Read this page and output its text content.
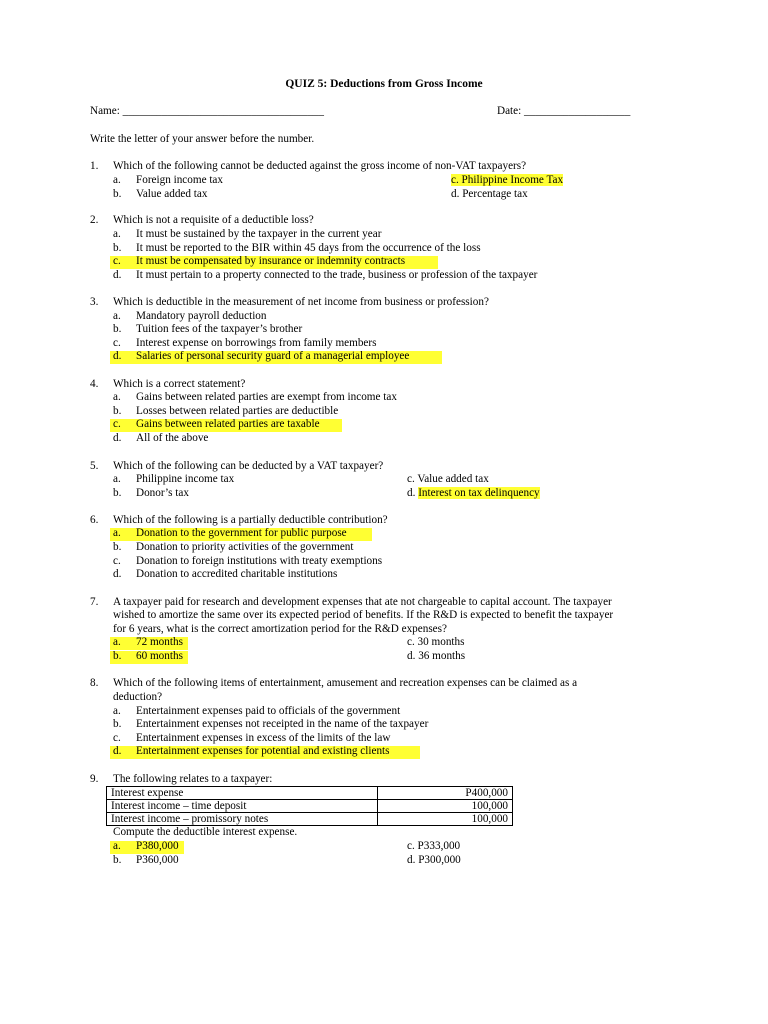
QUIZ 5: Deductions from Gross Income
Name: ____________________________________	Date: ___________________
Write the letter of your answer before the number.
1. Which of the following cannot be deducted against the gross income of non-VAT taxpayers?
a. Foreign income tax	c. Philippine Income Tax
b. Value added tax	d. Percentage tax
2. Which is not a requisite of a deductible loss?
a. It must be sustained by the taxpayer in the current year
b. It must be reported to the BIR within 45 days from the occurrence of the loss
c. It must be compensated by insurance or indemnity contracts
d. It must pertain to a property connected to the trade, business or profession of the taxpayer
3. Which is deductible in the measurement of net income from business or profession?
a. Mandatory payroll deduction
b. Tuition fees of the taxpayer’s brother
c. Interest expense on borrowings from family members
d. Salaries of personal security guard of a managerial employee
4. Which is a correct statement?
a. Gains between related parties are exempt from income tax
b. Losses between related parties are deductible
c. Gains between related parties are taxable
d. All of the above
5. Which of the following can be deducted by a VAT taxpayer?
a. Philippine income tax	c. Value added tax
b. Donor’s tax	d. Interest on tax delinquency
6. Which of the following is a partially deductible contribution?
a. Donation to the government for public purpose
b. Donation to priority activities of the government
c. Donation to foreign institutions with treaty exemptions
d. Donation to accredited charitable institutions
7. A taxpayer paid for research and development expenses that ate not chargeable to capital account. The taxpayer
wished to amortize the same over its expected period of benefits. If the R&D is expected to benefit the taxpayer
for 6 years, what is the correct amortization period for the R&D expenses?
a. 72 months	c. 30 months
b. 60 months	d. 36 months
8. Which of the following items of entertainment, amusement and recreation expenses can be claimed as a
deduction?
a. Entertainment expenses paid to officials of the government
b. Entertainment expenses not receipted in the name of the taxpayer
c. Entertainment expenses in excess of the limits of the law
d. Entertainment expenses for potential and existing clients
9. The following relates to a taxpayer:
Interest expense	P400,000
Interest income – time deposit	100,000
Interest income – promissory notes	100,000
Compute the deductible interest expense.
a. P380,000	c. P333,000
b. P360,000	d. P300,000
